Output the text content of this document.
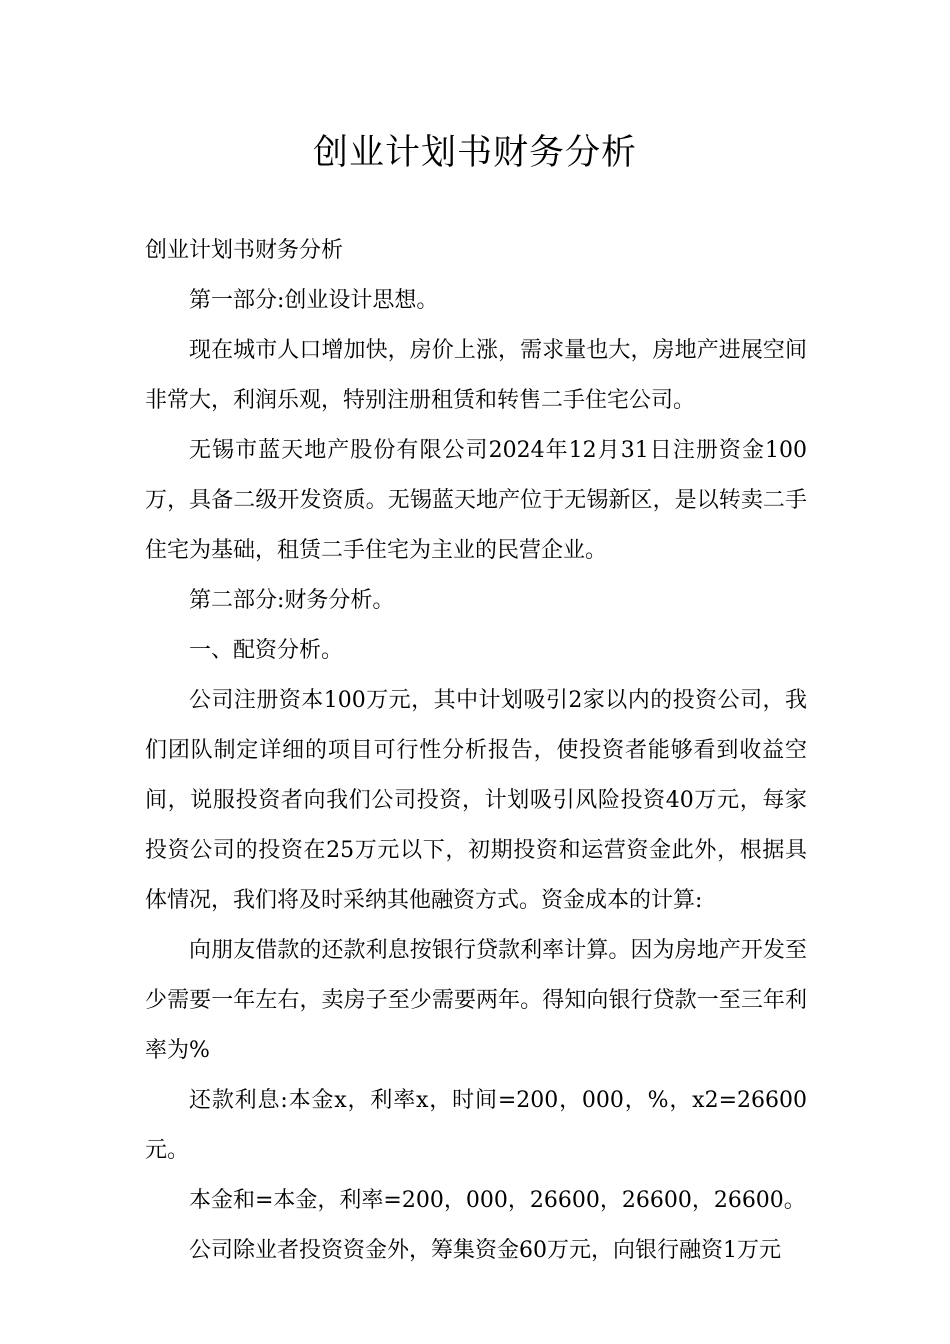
创业计划书财务分析

创业计划书财务分析

第一部分:创业设计思想。

现在城市人口增加快，房价上涨，需求量也大，房地产进展空间非常大，利润乐观，特别注册租赁和转售二手住宅公司。

无锡市蓝天地产股份有限公司2024年12月31日注册资金100万，具备二级开发资质。无锡蓝天地产位于无锡新区，是以转卖二手住宅为基础，租赁二手住宅为主业的民营企业。

第二部分:财务分析。

一、配资分析。

公司注册资本100万元，其中计划吸引2家以内的投资公司，我们团队制定详细的项目可行性分析报告，使投资者能够看到收益空间，说服投资者向我们公司投资，计划吸引风险投资40万元，每家投资公司的投资在25万元以下，初期投资和运营资金此外，根据具体情况，我们将及时采纳其他融资方式。资金成本的计算:

向朋友借款的还款利息按银行贷款利率计算。因为房地产开发至少需要一年左右，卖房子至少需要两年。得知向银行贷款一至三年利率为%

还款利息:本金x，利率x，时间=200，000，%，x2=26600元。

本金和=本金，利率=200，000，26600，26600，26600。

公司除业者投资资金外，筹集资金60万元，向银行融资1万元
